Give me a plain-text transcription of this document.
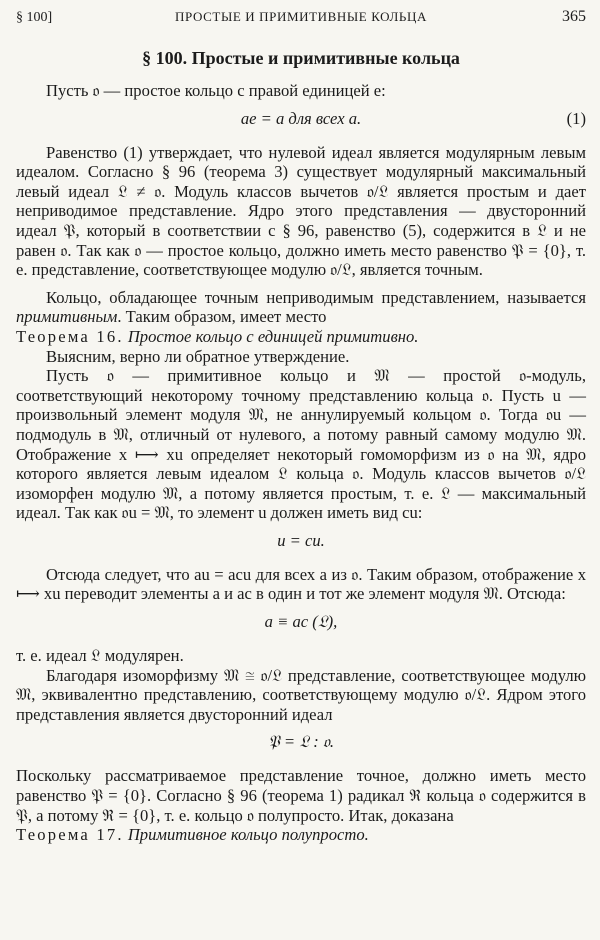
§ 100]	ПРОСТЫЕ И ПРИМИТИВНЫЕ КОЛЬЦА	365
§ 100. Простые и примитивные кольца

Пусть 𝔬 — простое кольцо с правой единицей e:

ae = a для всех a.	(1)

Равенство (1) утверждает, что нулевой идеал является модулярным левым идеалом. Согласно § 96 (теорема 3) существует модулярный максимальный левый идеал 𝔏 ≠ 𝔬. Модуль классов вычетов 𝔬/𝔏 является простым и дает неприводимое представление. Ядро этого представления — двусторонний идеал 𝔓, который в соответствии с § 96, равенство (5), содержится в 𝔏 и не равен 𝔬. Так как 𝔬 — простое кольцо, должно иметь место равенство 𝔓 = {0}, т. е. представление, соответствующее модулю 𝔬/𝔏, является точным.

Кольцо, обладающее точным неприводимым представлением, называется примитивным. Таким образом, имеет место

Теорема 16. Простое кольцо с единицей примитивно.

Выясним, верно ли обратное утверждение.

Пусть 𝔬 — примитивное кольцо и 𝔐 — простой 𝔬-модуль, соответствующий некоторому точному представлению кольца 𝔬. Пусть u — произвольный элемент модуля 𝔐, не аннулируемый кольцом 𝔬. Тогда 𝔬u — подмодуль в 𝔐, отличный от нулевого, а потому равный самому модулю 𝔐. Отображение x ⟼ xu определяет некоторый гомоморфизм из 𝔬 на 𝔐, ядро которого является левым идеалом 𝔏 кольца 𝔬. Модуль классов вычетов 𝔬/𝔏 изоморфен модулю 𝔐, а потому является простым, т. е. 𝔏 — максимальный идеал. Так как 𝔬u = 𝔐, то элемент u должен иметь вид cu:

u = cu.

Отсюда следует, что au = acu для всех a из 𝔬. Таким образом, отображение x ⟼ xu переводит элементы a и ac в один и тот же элемент модуля 𝔐. Отсюда:

a ≡ ac (𝔏),

т. е. идеал 𝔏 модулярен.

Благодаря изоморфизму 𝔐 ≅ 𝔬/𝔏 представление, соответствующее модулю 𝔐, эквивалентно представлению, соответствующему модулю 𝔬/𝔏. Ядром этого представления является двусторонний идеал

𝔓 = 𝔏 : 𝔬.

Поскольку рассматриваемое представление точное, должно иметь место равенство 𝔓 = {0}. Согласно § 96 (теорема 1) радикал ℜ кольца 𝔬 содержится в 𝔓, а потому ℜ = {0}, т. е. кольцо 𝔬 полупросто. Итак, доказана

Теорема 17. Примитивное кольцо полупросто.
